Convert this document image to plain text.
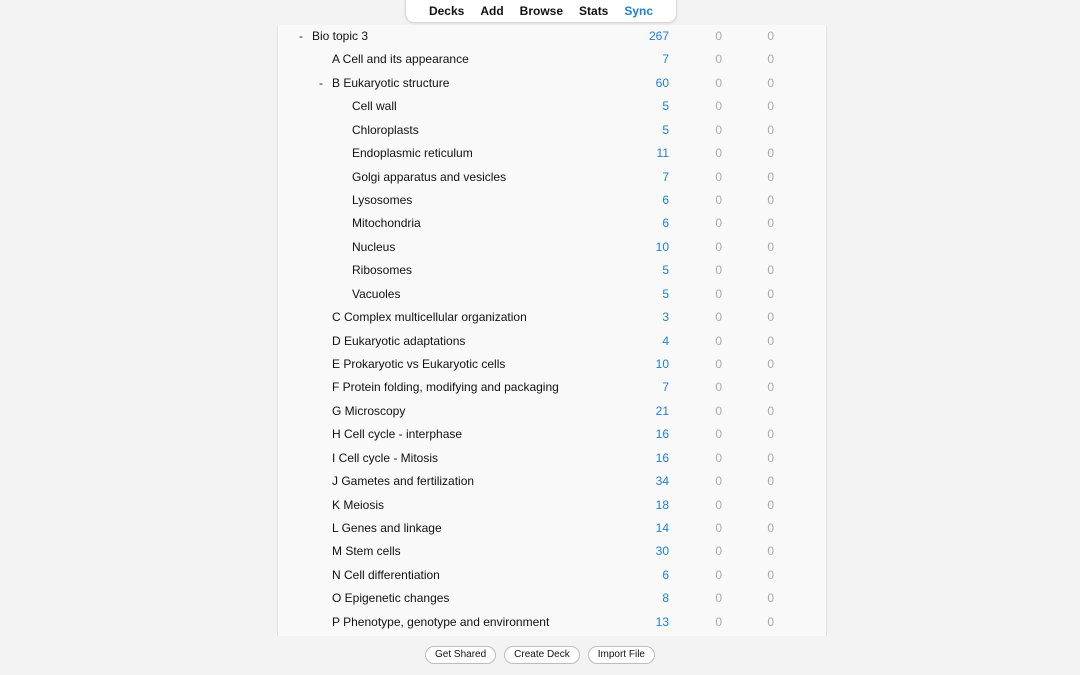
Decks Add Browse Stats Sync
- Bio topic 3	267	0	0
A Cell and its appearance	7	0	0
- B Eukaryotic structure	60	0	0
Cell wall	5	0	0
Chloroplasts	5	0	0
Endoplasmic reticulum	11	0	0
Golgi apparatus and vesicles	7	0	0
Lysosomes	6	0	0
Mitochondria	6	0	0
Nucleus	10	0	0
Ribosomes	5	0	0
Vacuoles	5	0	0
C Complex multicellular organization	3	0	0
D Eukaryotic adaptations	4	0	0
E Prokaryotic vs Eukaryotic cells	10	0	0
F Protein folding, modifying and packaging	7	0	0
G Microscopy	21	0	0
H Cell cycle - interphase	16	0	0
I Cell cycle - Mitosis	16	0	0
J Gametes and fertilization	34	0	0
K Meiosis	18	0	0
L Genes and linkage	14	0	0
M Stem cells	30	0	0
N Cell differentiation	6	0	0
O Epigenetic changes	8	0	0
P Phenotype, genotype and environment	13	0	0
Get Shared	Create Deck	Import File
